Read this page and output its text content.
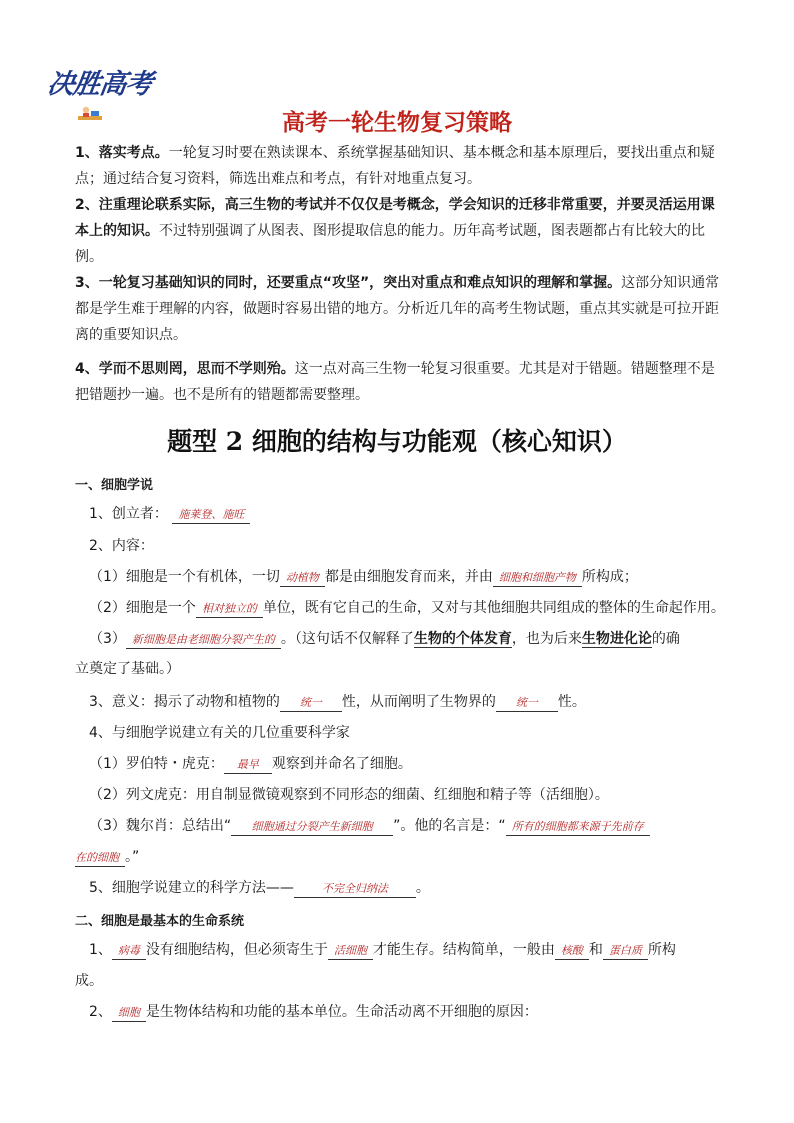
决胜高考
高考一轮生物复习策略

1、落实考点。一轮复习时要在熟读课本、系统掌握基础知识、基本概念和基本原理后，要找出重点和疑点；通过结合复习资料，筛选出难点和考点，有针对地重点复习。

2、注重理论联系实际，高三生物的考试并不仅仅是考概念，学会知识的迁移非常重要，并要灵活运用课本上的知识。不过特别强调了从图表、图形提取信息的能力。历年高考试题，图表题都占有比较大的比例。

3、一轮复习基础知识的同时，还要重点“攻坚”，突出对重点和难点知识的理解和掌握。这部分知识通常都是学生难于理解的内容，做题时容易出错的地方。分析近几年的高考生物试题，重点其实就是可拉开距离的重要知识点。

4、学而不思则罔，思而不学则殆。这一点对高三生物一轮复习很重要。尤其是对于错题。错题整理不是把错题抄一遍。也不是所有的错题都需要整理。

题型 2 细胞的结构与功能观（核心知识）

一、细胞学说

1、创立者： 施莱登、施旺

2、内容：

（1）细胞是一个有机体，一切 动植物 都是由细胞发育而来，并由 细胞和细胞产物 所构成；

（2）细胞是一个 相对独立的 单位，既有它自己的生命，又对与其他细胞共同组成的整体的生命起作用。

（3） 新细胞是由老细胞分裂产生的 。（这句话不仅解释了生物的个体发育，也为后来生物进化论的确

立奠定了基础。）

3、意义：揭示了动物和植物的 统一 性，从而阐明了生物界的 统一 性。

4、与细胞学说建立有关的几位重要科学家

（1）罗伯特・虎克： 最早 观察到并命名了细胞。

（2）列文虎克：用自制显微镜观察到不同形态的细菌、红细胞和精子等（活细胞）。

（3）魏尔肖：总结出“ 细胞通过分裂产生新细胞 ”。他的名言是：“ 所有的细胞都来源于先前存

在的细胞 。”

5、细胞学说建立的科学方法——	不完全归纳法 。

二、细胞是最基本的生命系统

1、 病毒 没有细胞结构，但必须寄生于 活细胞 才能生存。结构简单，一般由 核酸 和 蛋白质 所构

成。

2、 细胞 是生物体结构和功能的基本单位。生命活动离不开细胞的原因：
